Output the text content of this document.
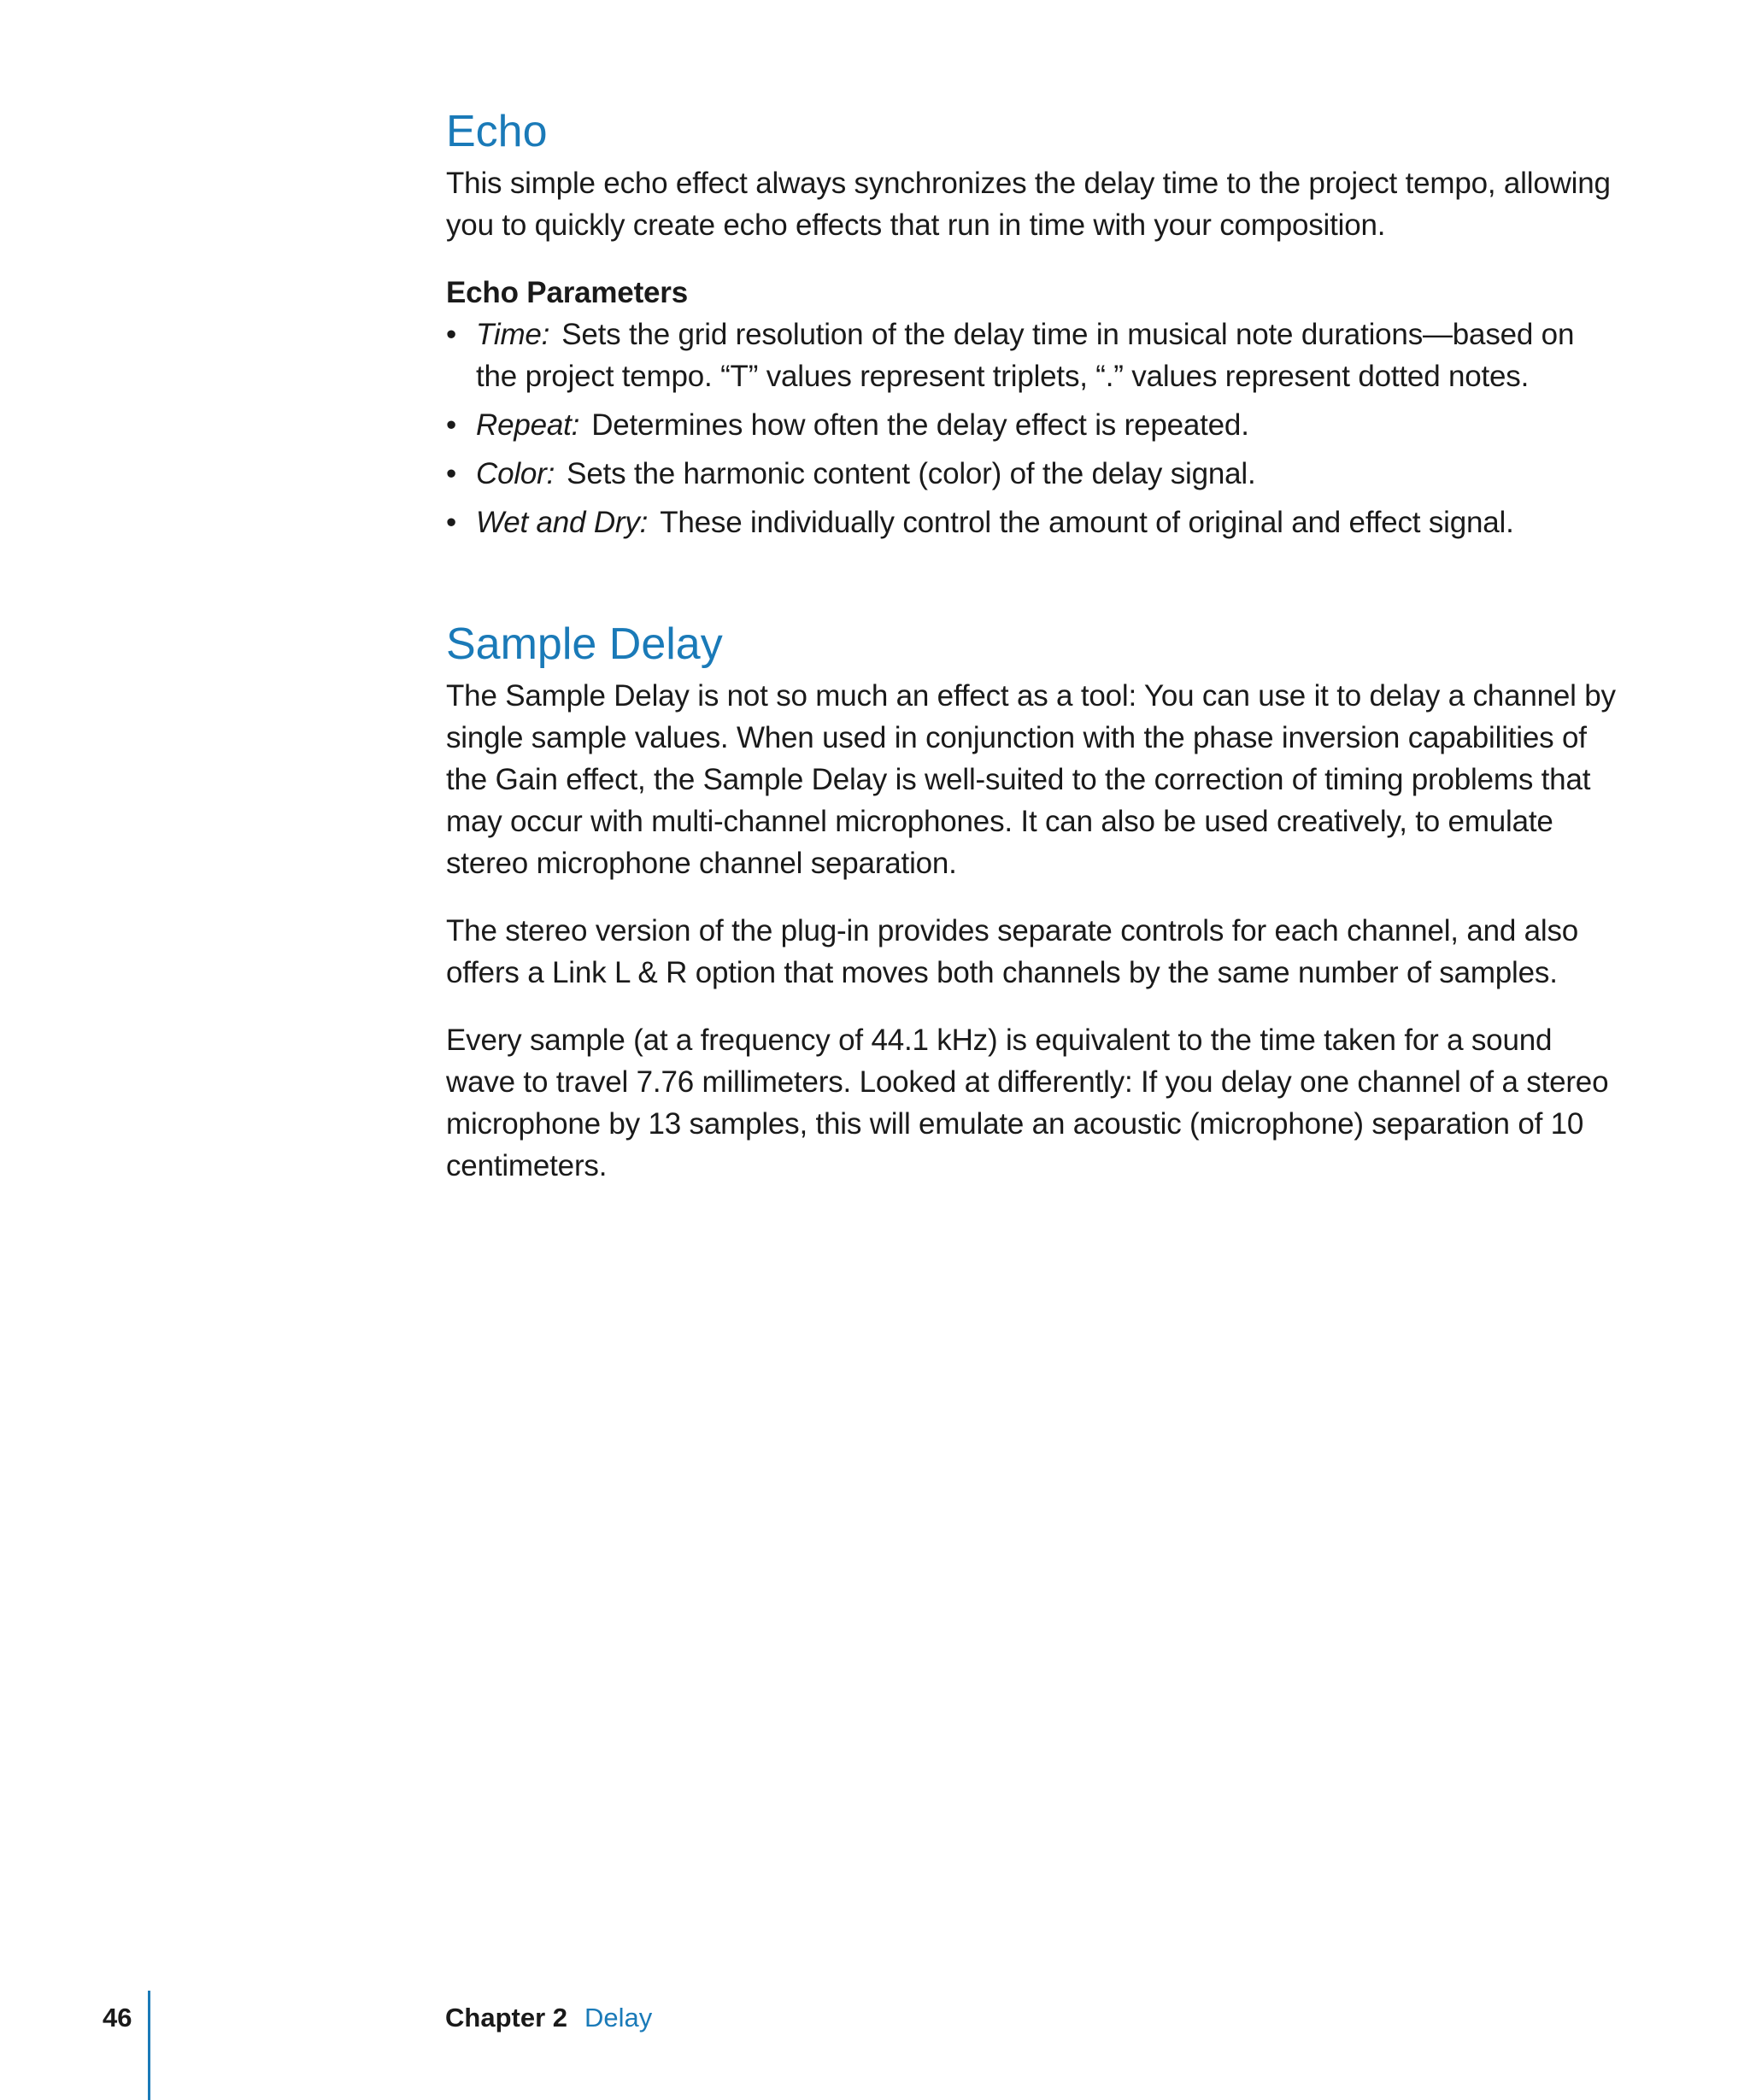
Echo

This simple echo effect always synchronizes the delay time to the project tempo, allowing you to quickly create echo effects that run in time with your composition.

Echo Parameters
• Time: Sets the grid resolution of the delay time in musical note durations—based on the project tempo. “T” values represent triplets, “.” values represent dotted notes.
• Repeat: Determines how often the delay effect is repeated.
• Color: Sets the harmonic content (color) of the delay signal.
• Wet and Dry: These individually control the amount of original and effect signal.
Sample Delay

The Sample Delay is not so much an effect as a tool: You can use it to delay a channel by single sample values. When used in conjunction with the phase inversion capabilities of the Gain effect, the Sample Delay is well-suited to the correction of timing problems that may occur with multi-channel microphones. It can also be used creatively, to emulate stereo microphone channel separation.

The stereo version of the plug-in provides separate controls for each channel, and also offers a Link L & R option that moves both channels by the same number of samples.

Every sample (at a frequency of 44.1 kHz) is equivalent to the time taken for a sound wave to travel 7.76 millimeters. Looked at differently: If you delay one channel of a stereo microphone by 13 samples, this will emulate an acoustic (microphone) separation of 10 centimeters.

46	Chapter 2 Delay
